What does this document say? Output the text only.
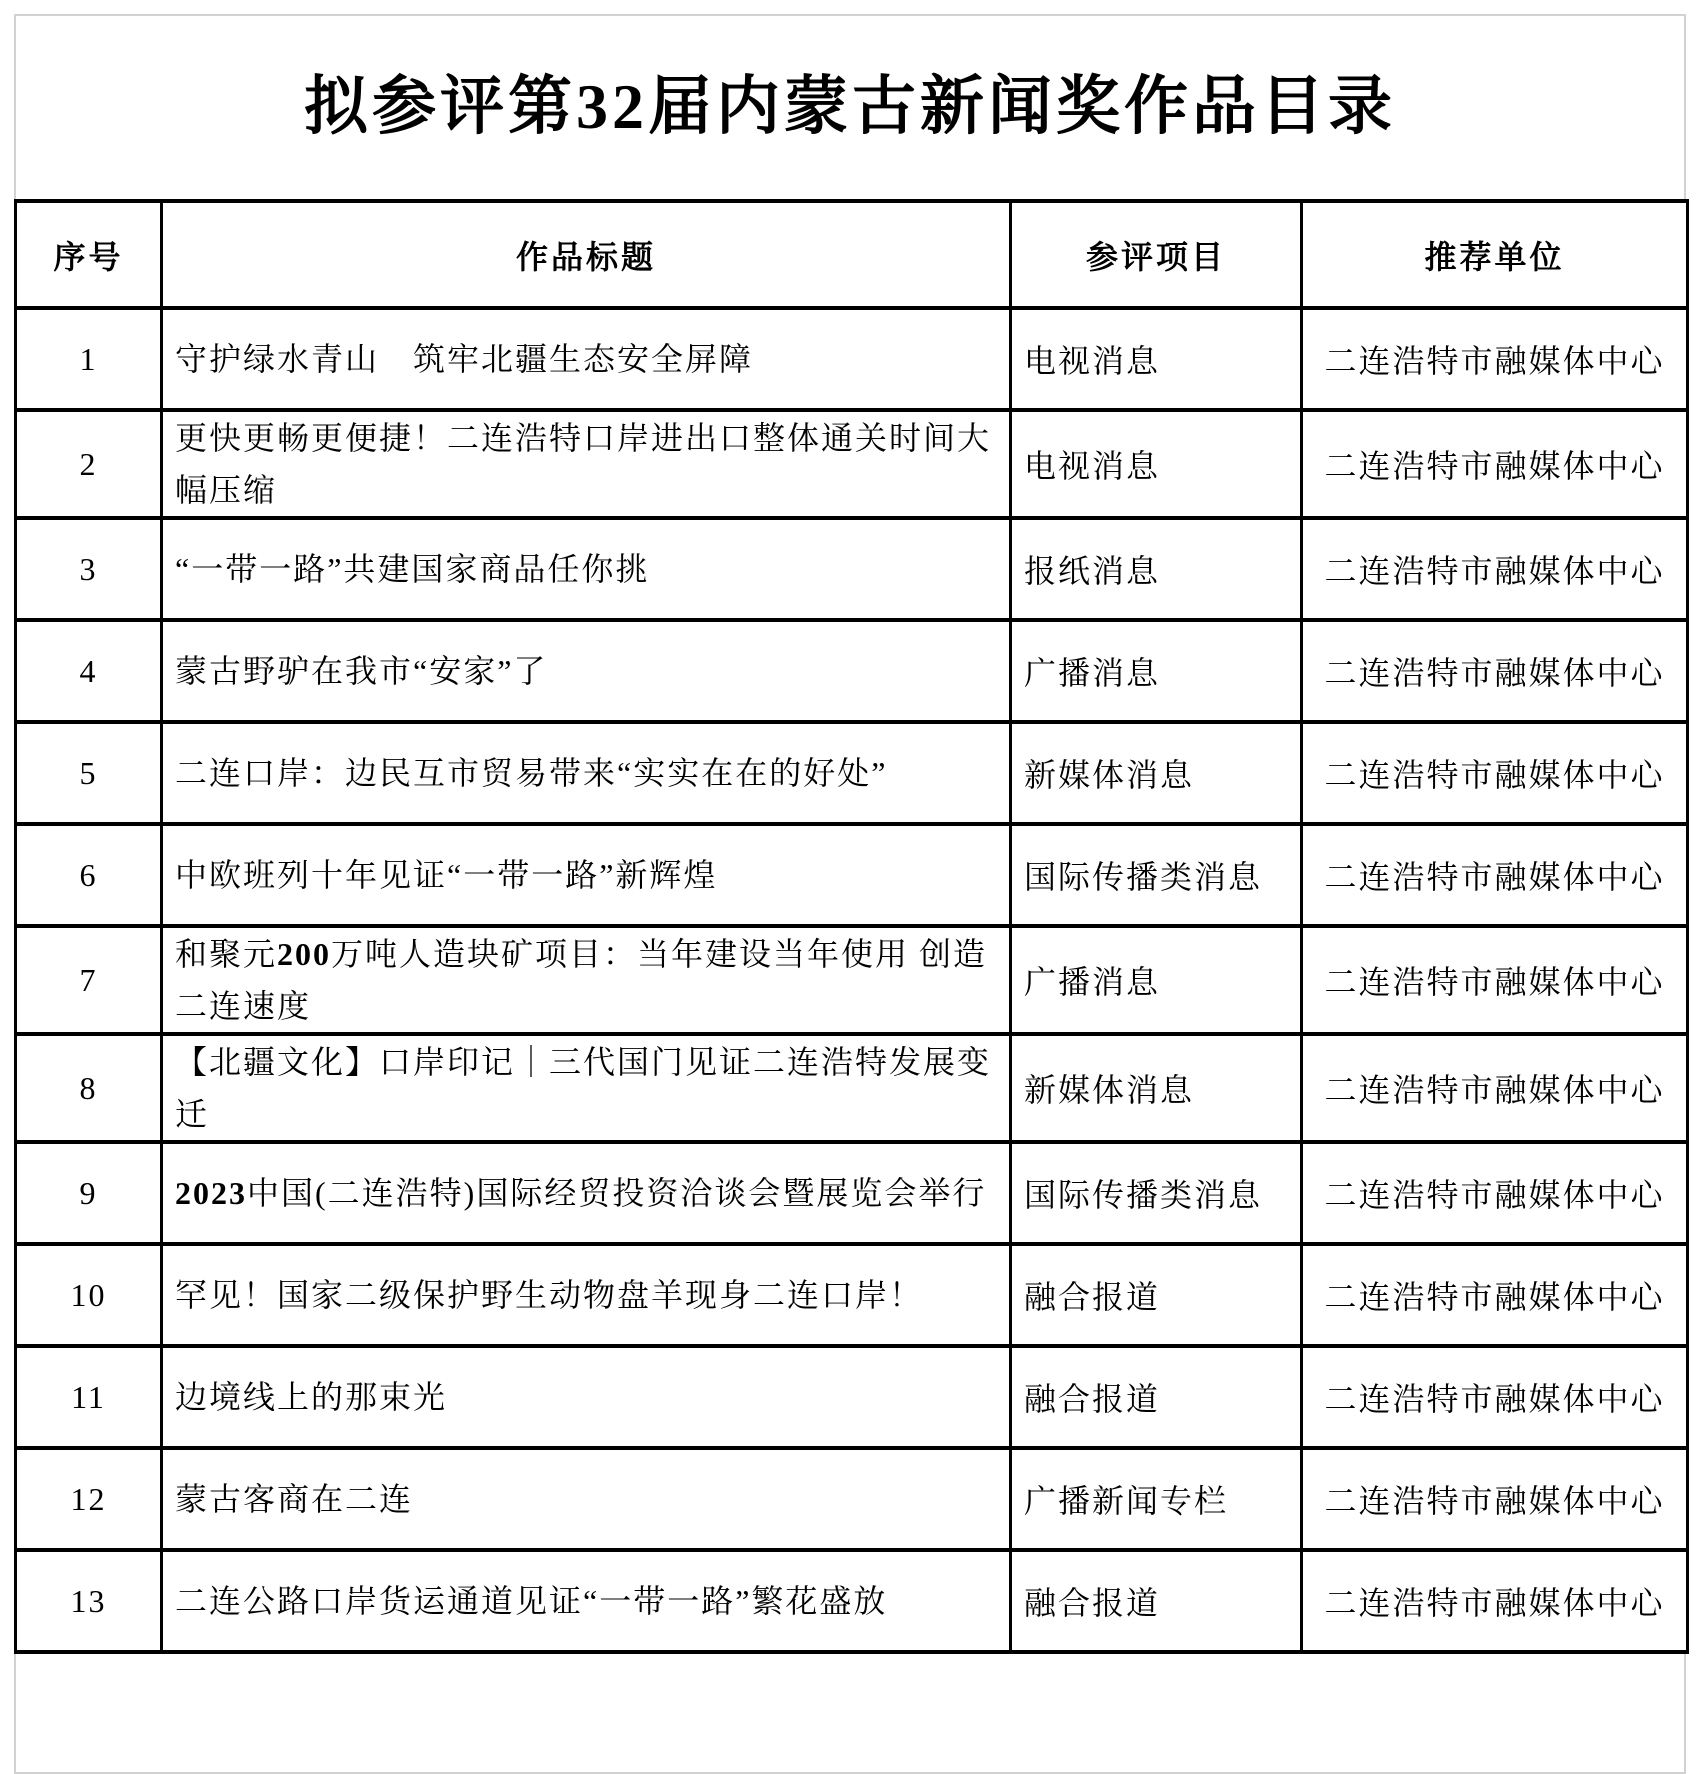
拟参评第32届内蒙古新闻奖作品目录
序号	作品标题	参评项目	推荐单位
1	守护绿水青山　筑牢北疆生态安全屏障	电视消息	二连浩特市融媒体中心
2	更快更畅更便捷！二连浩特口岸进出口整体通关时间大幅压缩	电视消息	二连浩特市融媒体中心
3	“一带一路”共建国家商品任你挑	报纸消息	二连浩特市融媒体中心
4	蒙古野驴在我市“安家”了	广播消息	二连浩特市融媒体中心
5	二连口岸：边民互市贸易带来“实实在在的好处”	新媒体消息	二连浩特市融媒体中心
6	中欧班列十年见证“一带一路”新辉煌	国际传播类消息	二连浩特市融媒体中心
7	和聚元200万吨人造块矿项目：当年建设当年使用 创造二连速度	广播消息	二连浩特市融媒体中心
8	【北疆文化】口岸印记｜三代国门见证二连浩特发展变迁	新媒体消息	二连浩特市融媒体中心
9	2023中国(二连浩特)国际经贸投资洽谈会暨展览会举行	国际传播类消息	二连浩特市融媒体中心
10	罕见！国家二级保护野生动物盘羊现身二连口岸！	融合报道	二连浩特市融媒体中心
11	边境线上的那束光	融合报道	二连浩特市融媒体中心
12	蒙古客商在二连	广播新闻专栏	二连浩特市融媒体中心
13	二连公路口岸货运通道见证“一带一路”繁花盛放	融合报道	二连浩特市融媒体中心
